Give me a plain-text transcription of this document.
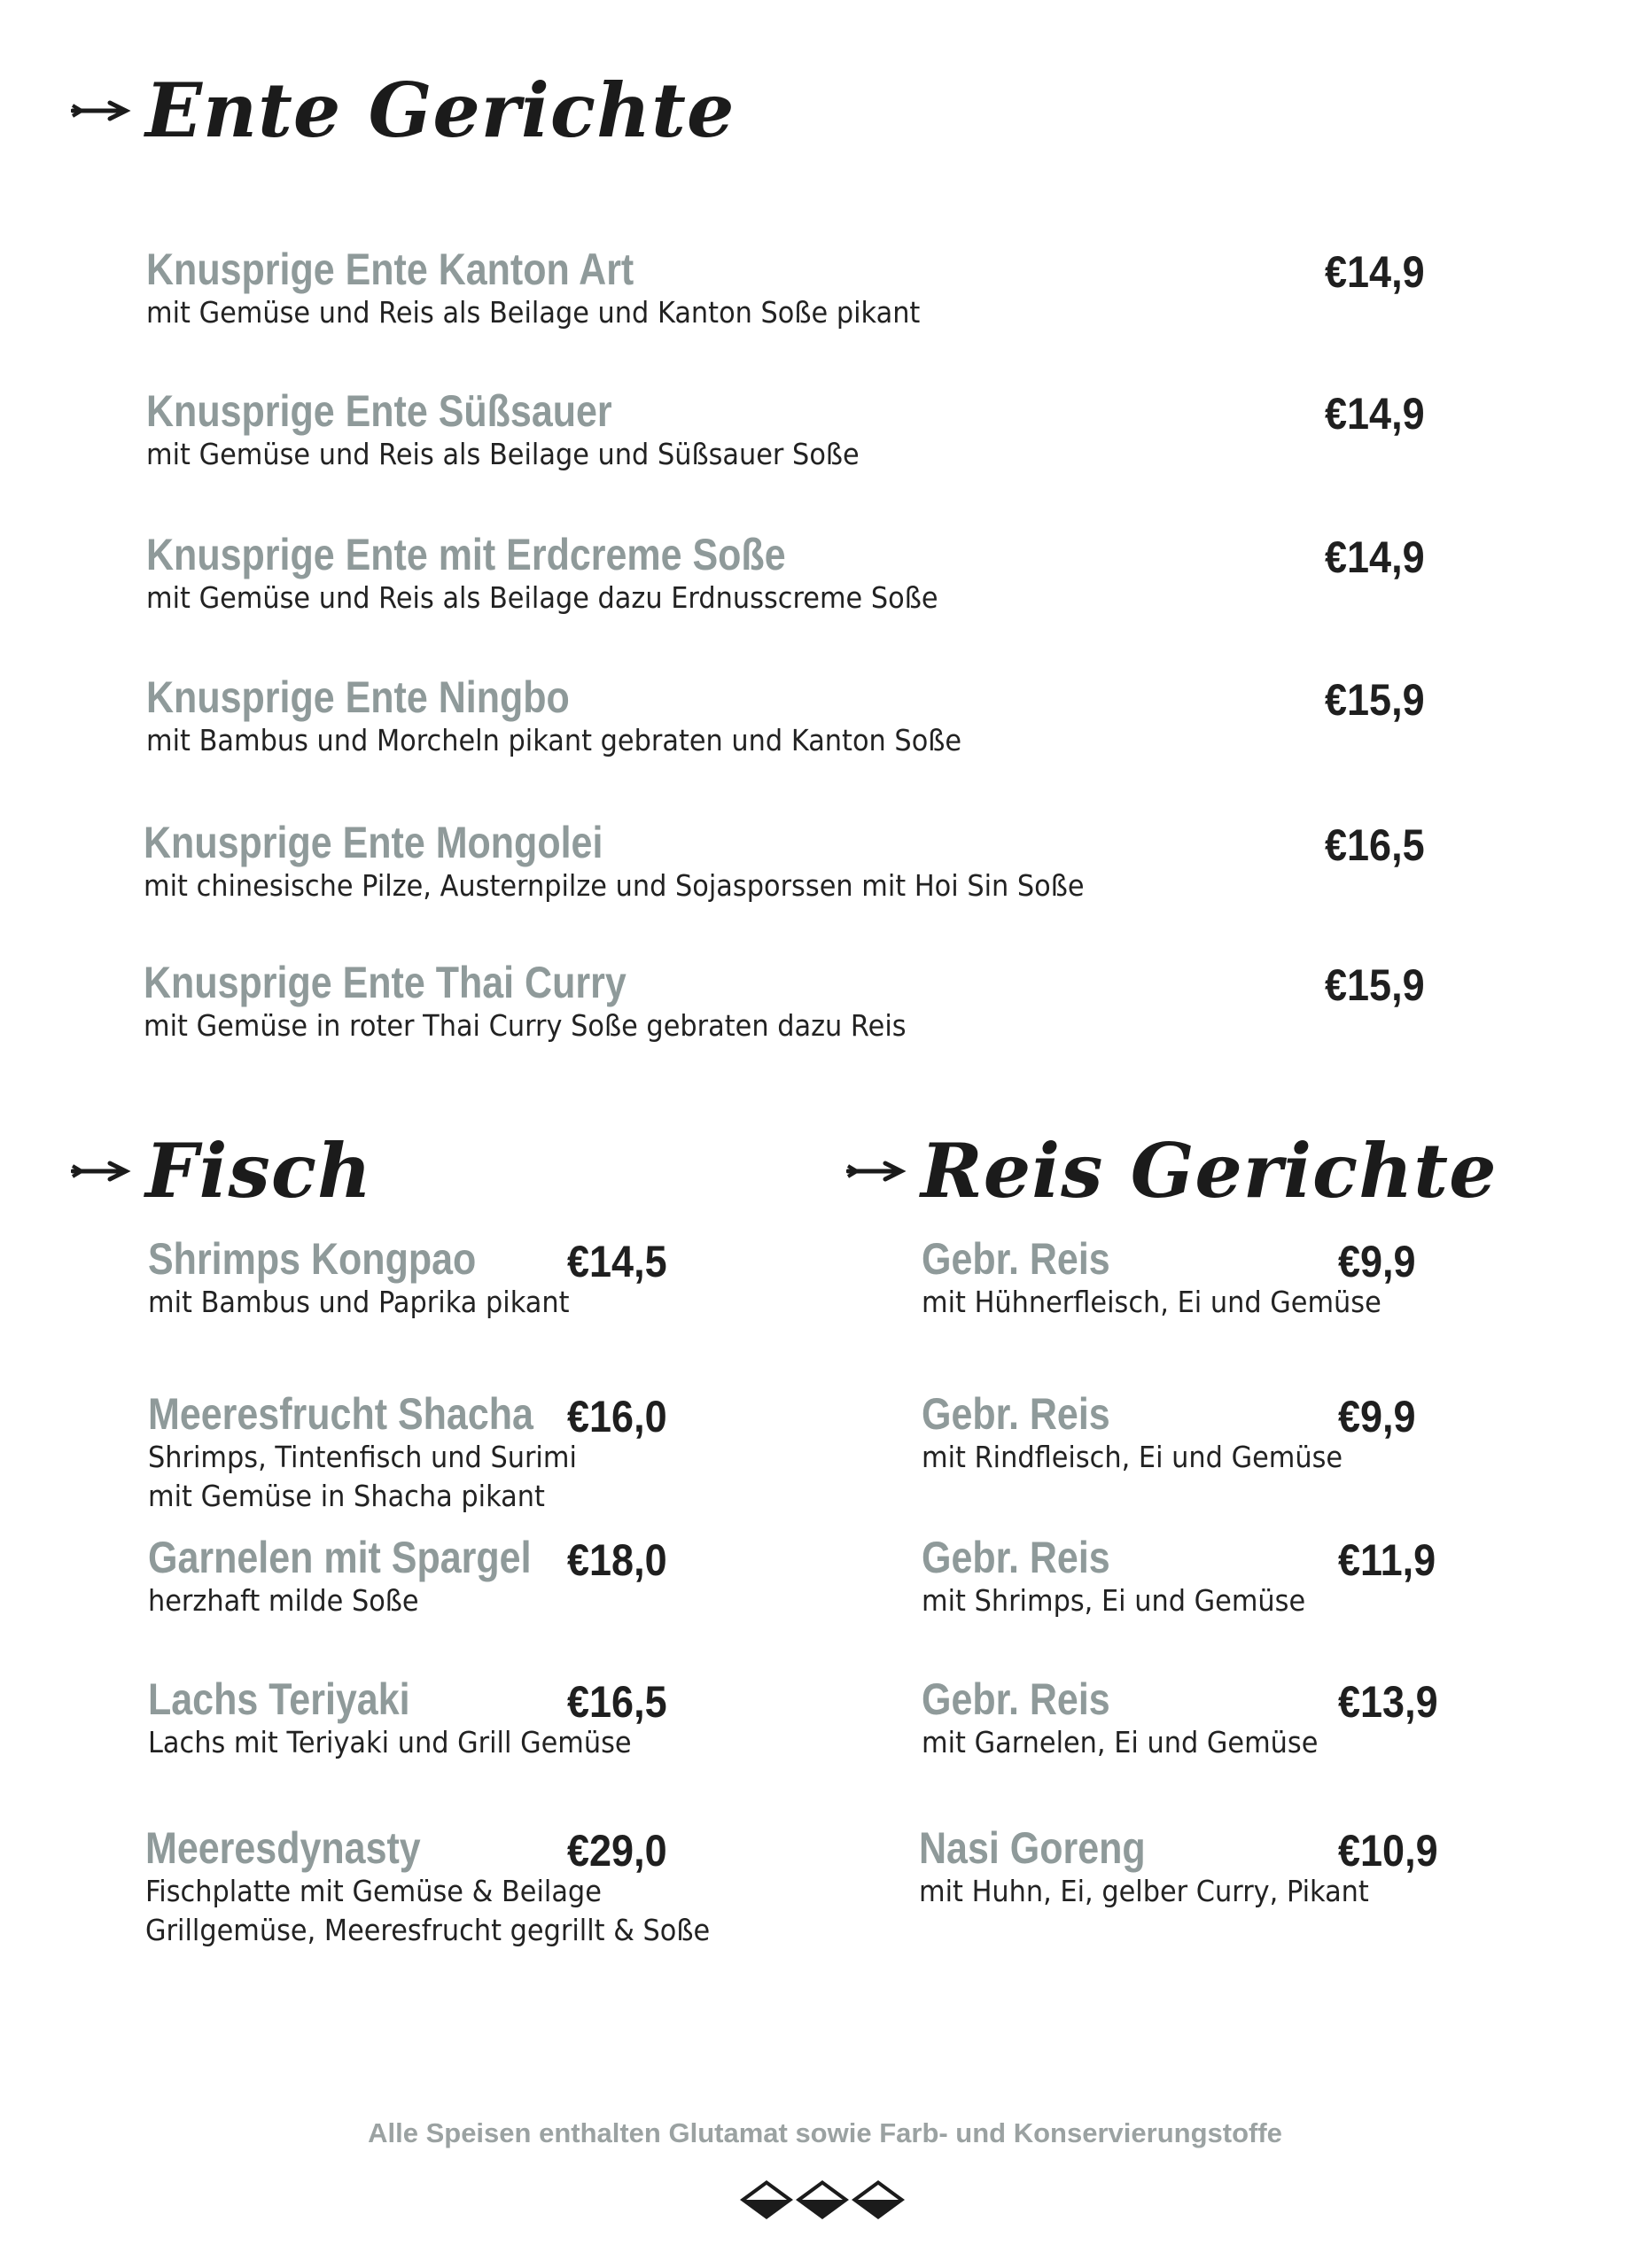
Ente Gerichte
Knusprige Ente Kanton Art
mit Gemüse und Reis als Beilage und Kanton Soße pikant
€14,9
Knusprige Ente Süßsauer
mit Gemüse und Reis als Beilage und Süßsauer Soße
€14,9
Knusprige Ente mit Erdcreme Soße
mit Gemüse und Reis als Beilage dazu Erdnusscreme Soße
€14,9
Knusprige Ente Ningbo
mit Bambus und Morcheln pikant gebraten und Kanton Soße
€15,9
Knusprige Ente Mongolei
mit chinesische Pilze, Austernpilze und Sojasporssen mit Hoi Sin Soße
€16,5
Knusprige Ente Thai Curry
mit Gemüse in roter Thai Curry Soße gebraten dazu Reis
€15,9
Fisch
Shrimps Kongpao
mit Bambus und Paprika pikant
€14,5
Meeresfrucht Shacha
Shrimps, Tintenfisch und Surimi
mit Gemüse in Shacha pikant
€16,0
Garnelen mit Spargel
herzhaft milde Soße
€18,0
Lachs Teriyaki
Lachs mit Teriyaki und Grill Gemüse
€16,5
Meeresdynasty
Fischplatte mit Gemüse & Beilage
Grillgemüse, Meeresfrucht gegrillt & Soße
€29,0
Reis Gerichte
Gebr. Reis
mit Hühnerfleisch, Ei und Gemüse
€9,9
Gebr. Reis
mit Rindfleisch, Ei und Gemüse
€9,9
Gebr. Reis
mit Shrimps, Ei und Gemüse
€11,9
Gebr. Reis
mit Garnelen, Ei und Gemüse
€13,9
Nasi Goreng
mit Huhn, Ei, gelber Curry, Pikant
€10,9
Alle Speisen enthalten Glutamat sowie Farb- und Konservierungstoffe
